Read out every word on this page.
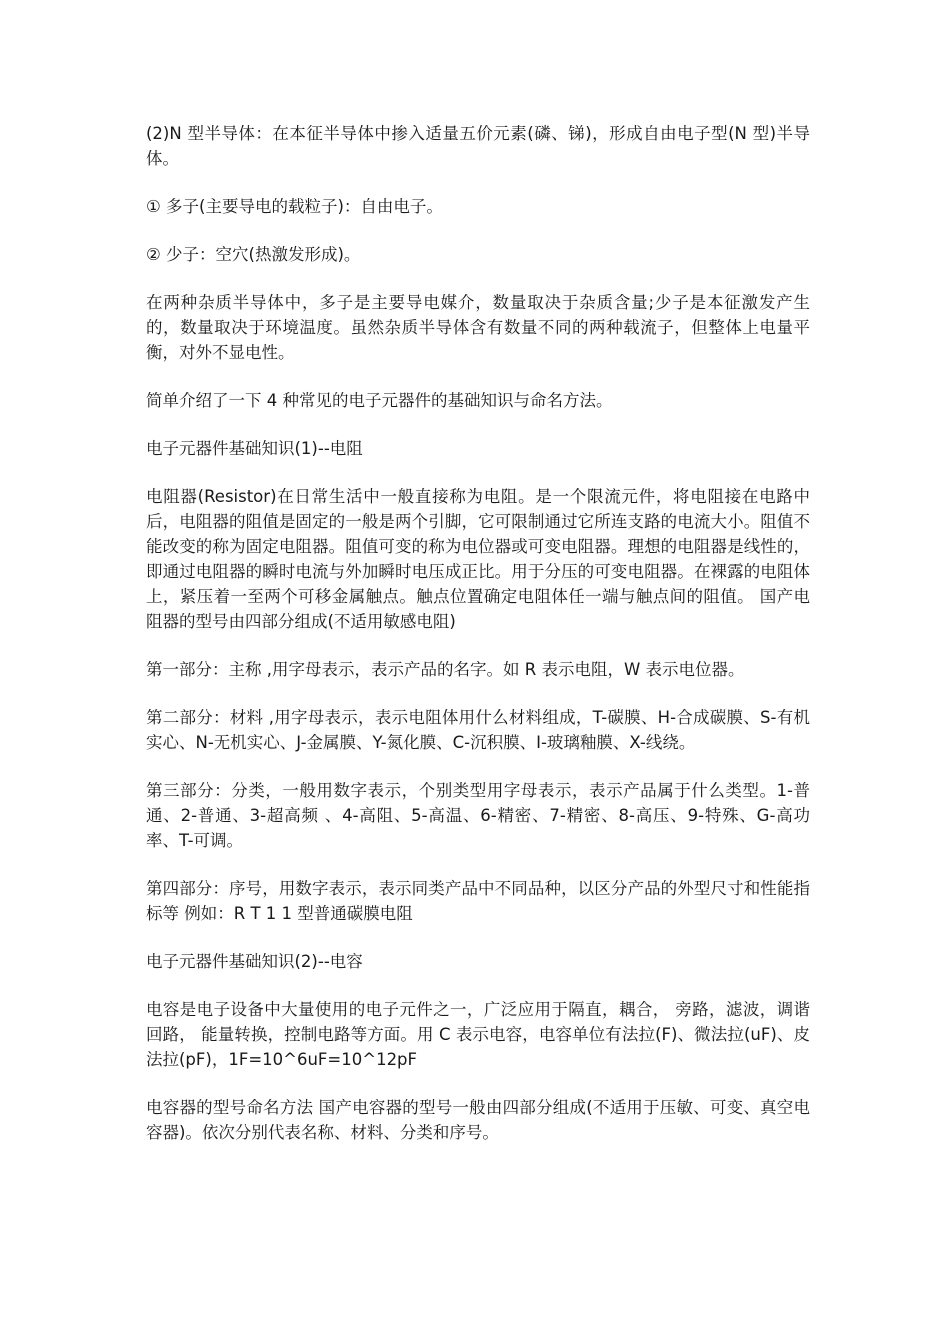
(2)N 型半导体：在本征半导体中掺入适量五价元素(磷、锑)，形成自由电子型(N 型)半导体。

① 多子(主要导电的载粒子)：自由电子。

② 少子：空穴(热激发形成)。

在两种杂质半导体中，多子是主要导电媒介，数量取决于杂质含量;少子是本征激发产生的，数量取决于环境温度。虽然杂质半导体含有数量不同的两种载流子，但整体上电量平衡，对外不显电性。

简单介绍了一下 4 种常见的电子元器件的基础知识与命名方法。

电子元器件基础知识(1)--电阻

电阻器(Resistor)在日常生活中一般直接称为电阻。是一个限流元件，将电阻接在电路中后，电阻器的阻值是固定的一般是两个引脚，它可限制通过它所连支路的电流大小。阻值不能改变的称为固定电阻器。阻值可变的称为电位器或可变电阻器。理想的电阻器是线性的，即通过电阻器的瞬时电流与外加瞬时电压成正比。用于分压的可变电阻器。在裸露的电阻体上，紧压着一至两个可移金属触点。触点位置确定电阻体任一端与触点间的阻值。 国产电阻器的型号由四部分组成(不适用敏感电阻)

第一部分：主称 ,用字母表示，表示产品的名字。如 R 表示电阻，W 表示电位器。

第二部分：材料 ,用字母表示，表示电阻体用什么材料组成，T-碳膜、H-合成碳膜、S-有机实心、N-无机实心、J-金属膜、Y-氮化膜、C-沉积膜、I-玻璃釉膜、X-线绕。

第三部分：分类，一般用数字表示，个别类型用字母表示，表示产品属于什么类型。1-普通、2-普通、3-超高频 、4-高阻、5-高温、6-精密、7-精密、8-高压、9-特殊、G-高功率、T-可调。

第四部分：序号，用数字表示，表示同类产品中不同品种，以区分产品的外型尺寸和性能指标等 例如：R T 1 1 型普通碳膜电阻

电子元器件基础知识(2)--电容

电容是电子设备中大量使用的电子元件之一，广泛应用于隔直，耦合， 旁路，滤波，调谐回路， 能量转换，控制电路等方面。用 C 表示电容，电容单位有法拉(F)、微法拉(uF)、皮法拉(pF)，1F=10^6uF=10^12pF

电容器的型号命名方法 国产电容器的型号一般由四部分组成(不适用于压敏、可变、真空电容器)。依次分别代表名称、材料、分类和序号。
